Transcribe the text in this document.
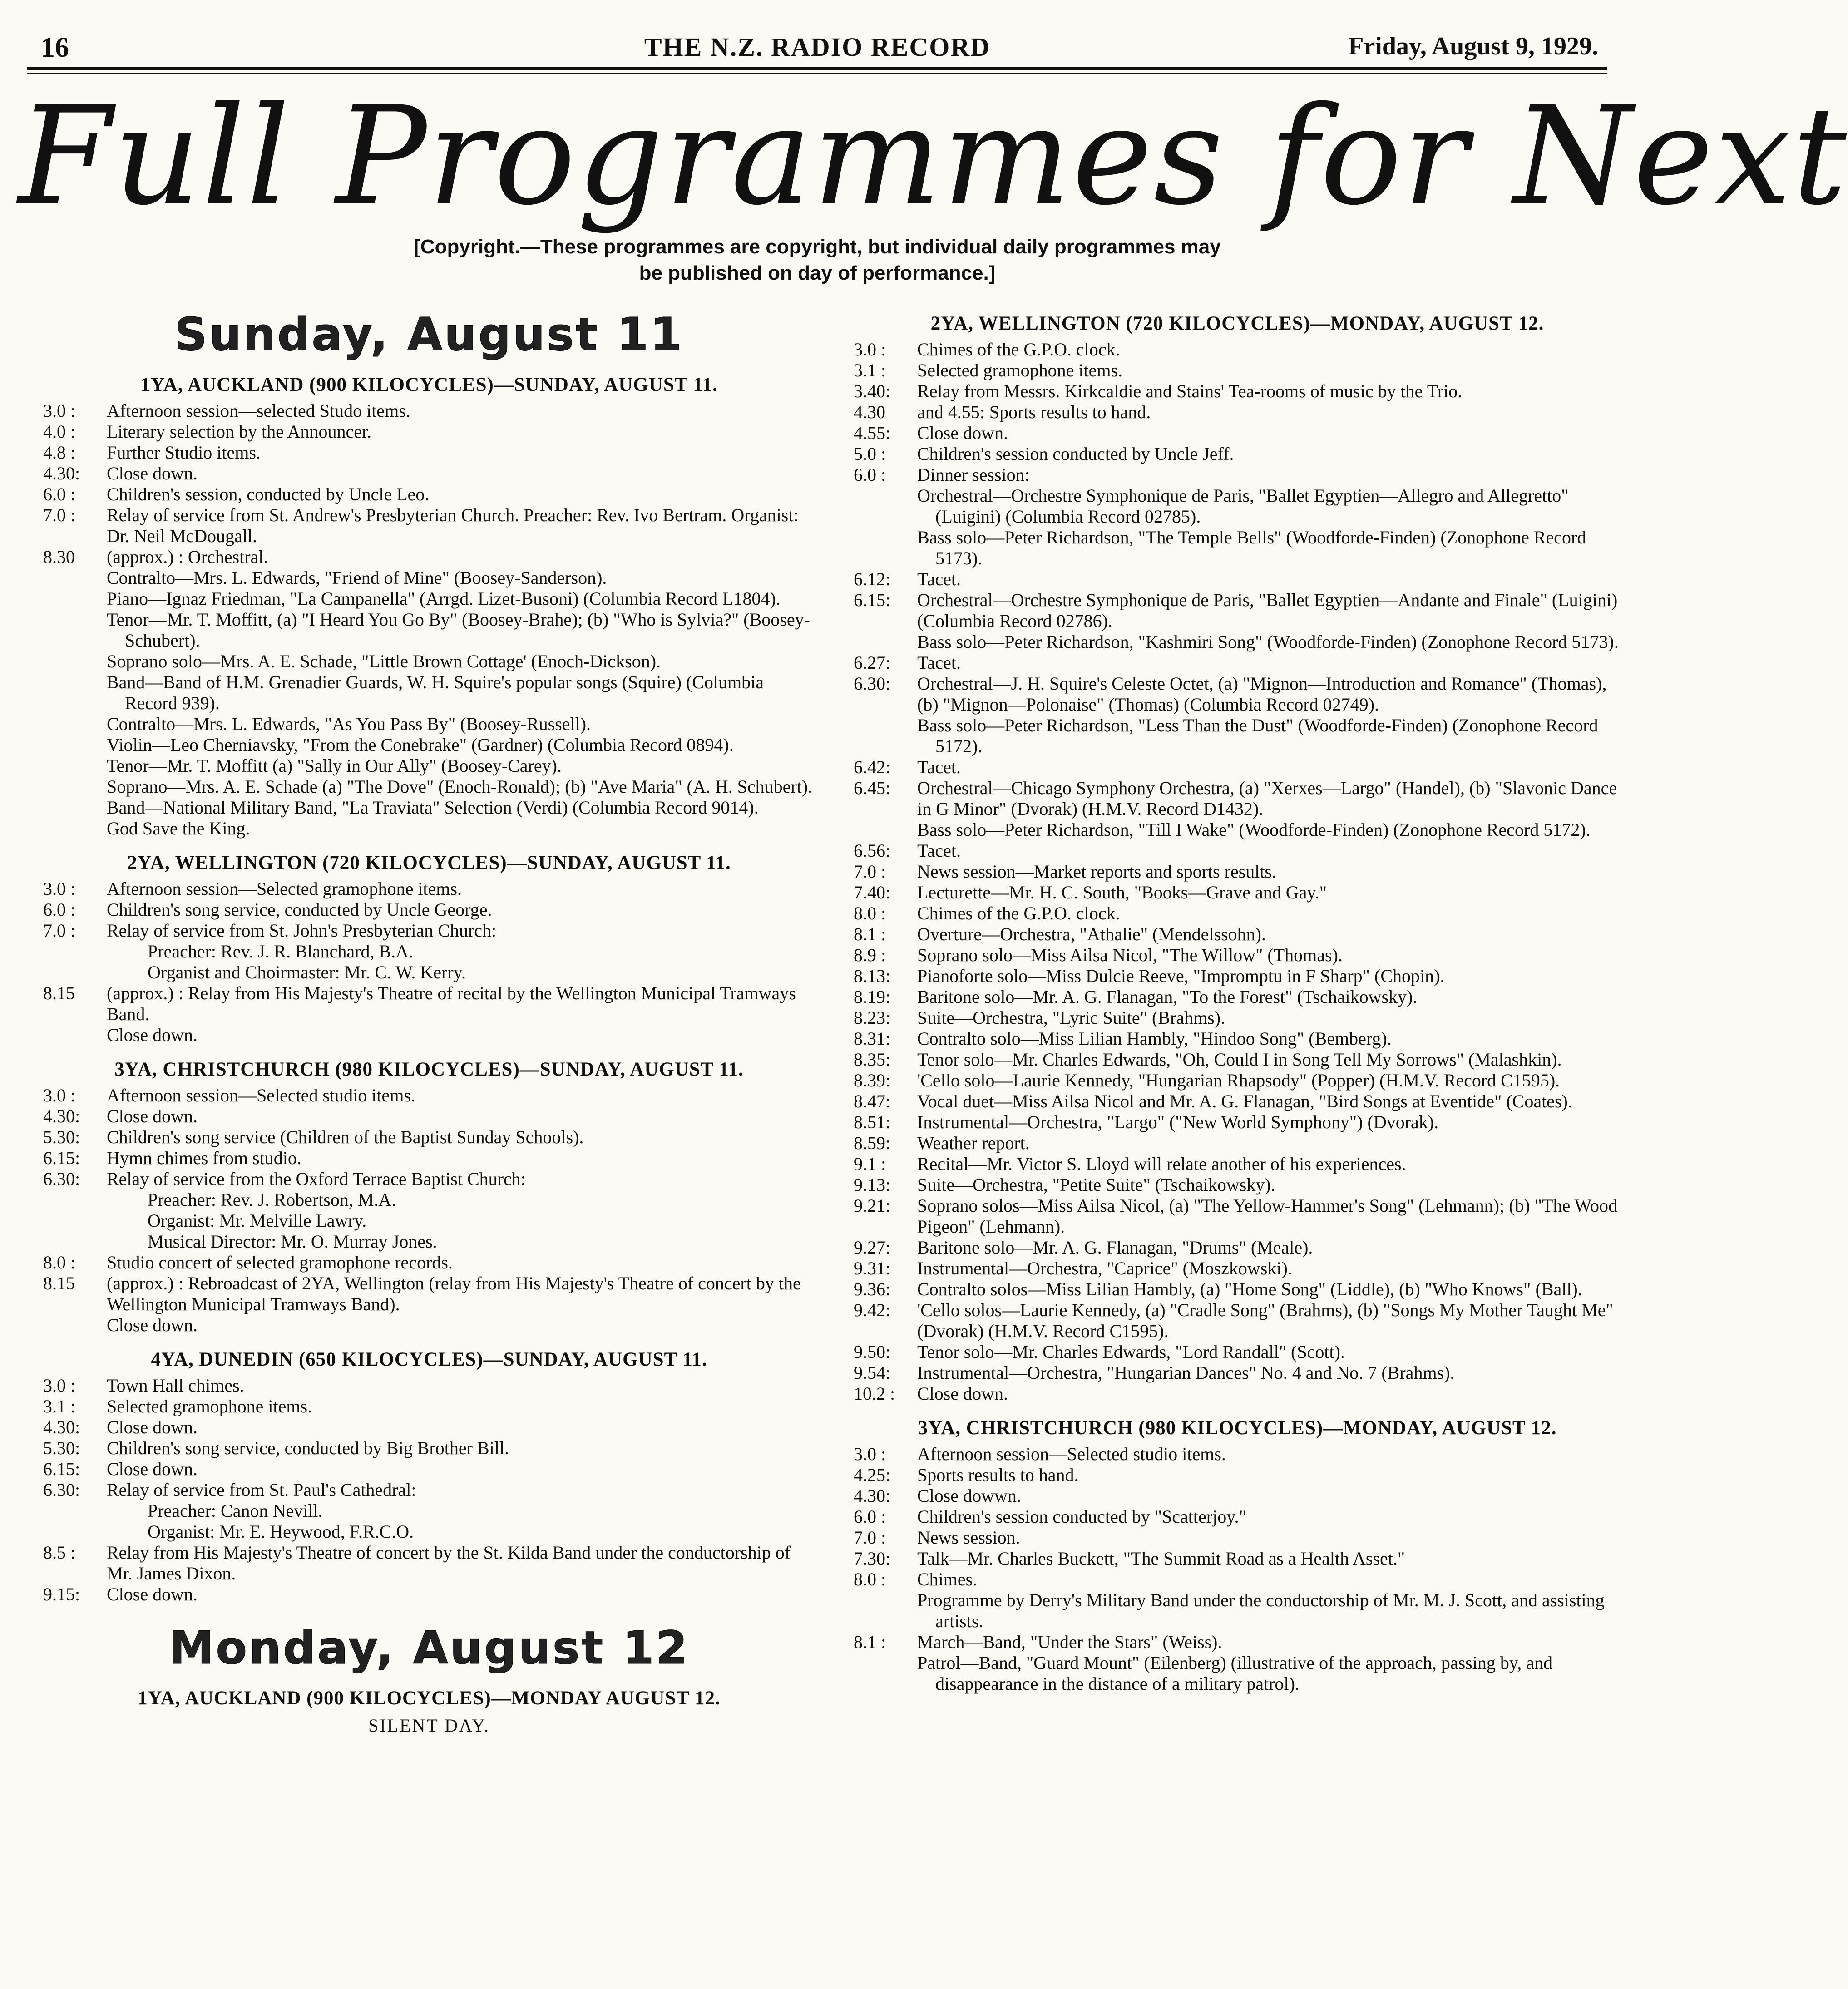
16	THE N.Z. RADIO RECORD	Friday, August 9, 1929.
Full Programmes for Next
[Copyright.—These programmes are copyright, but individual daily programmes may be published on day of performance.]
Sunday, August 11
1YA, AUCKLAND (900 KILOCYCLES)—SUNDAY, AUGUST 11.

3.0 : Afternoon session—selected Studo items.

4.0 : Literary selection by the Announcer.

4.8 : Further Studio items.

4.30: Close down.

6.0 : Children's session, conducted by Uncle Leo.

7.0 : Relay of service from St. Andrew's Presbyterian Church. Preacher: Rev. Ivo Bertram. Organist: Dr. Neil McDougall.

8.30 (approx.) : Orchestral.

Contralto—Mrs. L. Edwards, "Friend of Mine" (Boosey-Sanderson).

Piano—Ignaz Friedman, "La Campanella" (Arrgd. Lizet-Busoni) (Columbia Record L1804).

Tenor—Mr. T. Moffitt, (a) "I Heard You Go By" (Boosey-Brahe); (b) "Who is Sylvia?" (Boosey-Schubert).

Soprano solo—Mrs. A. E. Schade, "Little Brown Cottage' (Enoch-Dickson).

Band—Band of H.M. Grenadier Guards, W. H. Squire's popular songs (Squire) (Columbia Record 939).

Contralto—Mrs. L. Edwards, "As You Pass By" (Boosey-Russell).

Violin—Leo Cherniavsky, "From the Conebrake" (Gardner) (Columbia Record 0894).

Tenor—Mr. T. Moffitt (a) "Sally in Our Ally" (Boosey-Carey).

Soprano—Mrs. A. E. Schade (a) "The Dove" (Enoch-Ronald); (b) "Ave Maria" (A. H. Schubert).

Band—National Military Band, "La Traviata" Selection (Verdi) (Columbia Record 9014).

God Save the King.

2YA, WELLINGTON (720 KILOCYCLES)—SUNDAY, AUGUST 11.

3.0 : Afternoon session—Selected gramophone items.

6.0 : Children's song service, conducted by Uncle George.

7.0 : Relay of service from St. John's Presbyterian Church:

Preacher: Rev. J. R. Blanchard, B.A.

Organist and Choirmaster: Mr. C. W. Kerry.

8.15 (approx.) : Relay from His Majesty's Theatre of recital by the Wellington Municipal Tramways Band.

Close down.

3YA, CHRISTCHURCH (980 KILOCYCLES)—SUNDAY, AUGUST 11.

3.0 : Afternoon session—Selected studio items.

4.30: Close down.

5.30: Children's song service (Children of the Baptist Sunday Schools).

6.15: Hymn chimes from studio.

6.30: Relay of service from the Oxford Terrace Baptist Church:

Preacher: Rev. J. Robertson, M.A.

Organist: Mr. Melville Lawry.

Musical Director: Mr. O. Murray Jones.

8.0 : Studio concert of selected gramophone records.

8.15 (approx.) : Rebroadcast of 2YA, Wellington (relay from His Majesty's Theatre of concert by the Wellington Municipal Tramways Band).

Close down.

4YA, DUNEDIN (650 KILOCYCLES)—SUNDAY, AUGUST 11.

3.0 : Town Hall chimes.

3.1 : Selected gramophone items.

4.30: Close down.

5.30: Children's song service, conducted by Big Brother Bill.

6.15: Close down.

6.30: Relay of service from St. Paul's Cathedral:

Preacher: Canon Nevill.

Organist: Mr. E. Heywood, F.R.C.O.

8.5 : Relay from His Majesty's Theatre of concert by the St. Kilda Band under the conductorship of Mr. James Dixon.

9.15: Close down.

Monday, August 12
1YA, AUCKLAND (900 KILOCYCLES)—MONDAY AUGUST 12.
SILENT DAY.
2YA, WELLINGTON (720 KILOCYCLES)—MONDAY, AUGUST 12.

3.0 : Chimes of the G.P.O. clock.

3.1 : Selected gramophone items.

3.40: Relay from Messrs. Kirkcaldie and Stains' Tea-rooms of music by the Trio.

4.30 and 4.55: Sports results to hand.

4.55: Close down.

5.0 : Children's session conducted by Uncle Jeff.

6.0 : Dinner session:

Orchestral—Orchestre Symphonique de Paris, "Ballet Egyptien—Allegro and Allegretto" (Luigini) (Columbia Record 02785).

Bass solo—Peter Richardson, "The Temple Bells" (Woodforde-Finden) (Zonophone Record 5173).

6.12: Tacet.

6.15: Orchestral—Orchestre Symphonique de Paris, "Ballet Egyptien—Andante and Finale" (Luigini) (Columbia Record 02786).

Bass solo—Peter Richardson, "Kashmiri Song" (Woodforde-Finden) (Zonophone Record 5173).

6.27: Tacet.

6.30: Orchestral—J. H. Squire's Celeste Octet, (a) "Mignon—Introduction and Romance" (Thomas), (b) "Mignon—Polonaise" (Thomas) (Columbia Record 02749).

Bass solo—Peter Richardson, "Less Than the Dust" (Woodforde-Finden) (Zonophone Record 5172).

6.42: Tacet.

6.45: Orchestral—Chicago Symphony Orchestra, (a) "Xerxes—Largo" (Handel), (b) "Slavonic Dance in G Minor" (Dvorak) (H.M.V. Record D1432).

Bass solo—Peter Richardson, "Till I Wake" (Woodforde-Finden) (Zonophone Record 5172).

6.56: Tacet.

7.0 : News session—Market reports and sports results.

7.40: Lecturette—Mr. H. C. South, "Books—Grave and Gay."

8.0 : Chimes of the G.P.O. clock.

8.1 : Overture—Orchestra, "Athalie" (Mendelssohn).

8.9 : Soprano solo—Miss Ailsa Nicol, "The Willow" (Thomas).

8.13: Pianoforte solo—Miss Dulcie Reeve, "Impromptu in F Sharp" (Chopin).

8.19: Baritone solo—Mr. A. G. Flanagan, "To the Forest" (Tschaikowsky).

8.23: Suite—Orchestra, "Lyric Suite" (Brahms).

8.31: Contralto solo—Miss Lilian Hambly, "Hindoo Song" (Bemberg).

8.35: Tenor solo—Mr. Charles Edwards, "Oh, Could I in Song Tell My Sorrows" (Malashkin).

8.39: 'Cello solo—Laurie Kennedy, "Hungarian Rhapsody" (Popper) (H.M.V. Record C1595).

8.47: Vocal duet—Miss Ailsa Nicol and Mr. A. G. Flanagan, "Bird Songs at Eventide" (Coates).

8.51: Instrumental—Orchestra, "Largo" ("New World Symphony") (Dvorak).

8.59: Weather report.

9.1 : Recital—Mr. Victor S. Lloyd will relate another of his experiences.

9.13: Suite—Orchestra, "Petite Suite" (Tschaikowsky).

9.21: Soprano solos—Miss Ailsa Nicol, (a) "The Yellow-Hammer's Song" (Lehmann); (b) "The Wood Pigeon" (Lehmann).

9.27: Baritone solo—Mr. A. G. Flanagan, "Drums" (Meale).

9.31: Instrumental—Orchestra, "Caprice" (Moszkowski).

9.36: Contralto solos—Miss Lilian Hambly, (a) "Home Song" (Liddle), (b) "Who Knows" (Ball).

9.42: 'Cello solos—Laurie Kennedy, (a) "Cradle Song" (Brahms), (b) "Songs My Mother Taught Me" (Dvorak) (H.M.V. Record C1595).

9.50: Tenor solo—Mr. Charles Edwards, "Lord Randall" (Scott).

9.54: Instrumental—Orchestra, "Hungarian Dances" No. 4 and No. 7 (Brahms).

10.2 : Close down.

3YA, CHRISTCHURCH (980 KILOCYCLES)—MONDAY, AUGUST 12.

3.0 : Afternoon session—Selected studio items.

4.25: Sports results to hand.

4.30: Close dowwn.

6.0 : Children's session conducted by "Scatterjoy."

7.0 : News session.

7.30: Talk—Mr. Charles Buckett, "The Summit Road as a Health Asset."

8.0 : Chimes.

Programme by Derry's Military Band under the conductorship of Mr. M. J. Scott, and assisting artists.

8.1 : March—Band, "Under the Stars" (Weiss).

Patrol—Band, "Guard Mount" (Eilenberg) (illustrative of the approach, passing by, and disappearance in the distance of a military patrol).
